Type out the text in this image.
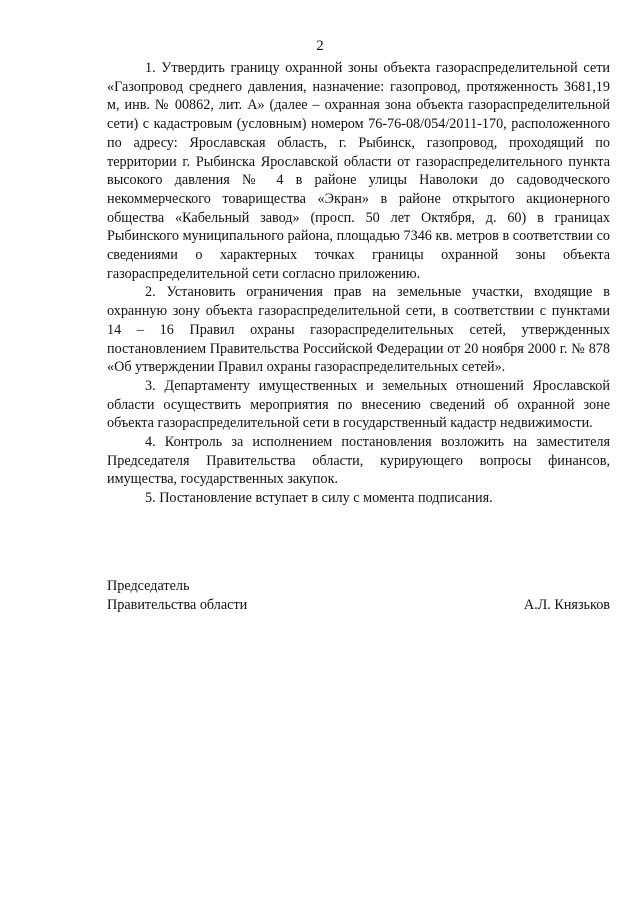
2

1. Утвердить границу охранной зоны объекта газораспределительной сети «Газопровод среднего давления, назначение: газопровод, протяженность 3681,19 м, инв. № 00862, лит. А» (далее – охранная зона объекта газораспределительной сети) с кадастровым (условным) номером 76-76-08/054/2011-170, расположенного по адресу: Ярославская область, г. Рыбинск, газопровод, проходящий по территории г. Рыбинска Ярославской области от газораспределительного пункта высокого давления № 4 в районе улицы Наволоки до садоводческого некоммерческого товарищества «Экран» в районе открытого акционерного общества «Кабельный завод» (просп. 50 лет Октября, д. 60) в границах Рыбинского муниципального района, площадью 7346 кв. метров в соответствии со сведениями о характерных точках границы охранной зоны объекта газораспределительной сети согласно приложению.

2. Установить ограничения прав на земельные участки, входящие в охранную зону объекта газораспределительной сети, в соответствии с пунктами 14 – 16 Правил охраны газораспределительных сетей, утвержденных постановлением Правительства Российской Федерации от 20 ноября 2000 г. № 878 «Об утверждении Правил охраны газораспределительных сетей».

3. Департаменту имущественных и земельных отношений Ярославской области осуществить мероприятия по внесению сведений об охранной зоне объекта газораспределительной сети в государственный кадастр недвижимости.

4. Контроль за исполнением постановления возложить на заместителя Председателя Правительства области, курирующего вопросы финансов, имущества, государственных закупок.

5. Постановление вступает в силу с момента подписания.

Председатель
Правительства области	А.Л. Князьков
